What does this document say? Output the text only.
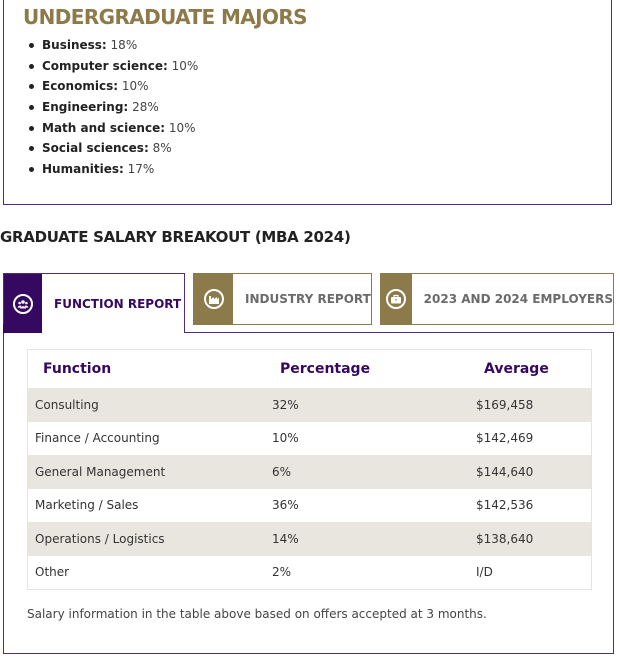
UNDERGRADUATE MAJORS
Business: 18%
Computer science: 10%
Economics: 10%
Engineering: 28%
Math and science: 10%
Social sciences: 8%
Humanities: 17%
GRADUATE SALARY BREAKOUT (MBA 2024)
FUNCTION REPORT	INDUSTRY REPORT	2023 AND 2024 EMPLOYERS
Function	Percentage	Average
Consulting	32%	$169,458
Finance / Accounting	10%	$142,469
General Management	6%	$144,640
Marketing / Sales	36%	$142,536
Operations / Logistics	14%	$138,640
Other	2%	I/D

Salary information in the table above based on offers accepted at 3 months.
